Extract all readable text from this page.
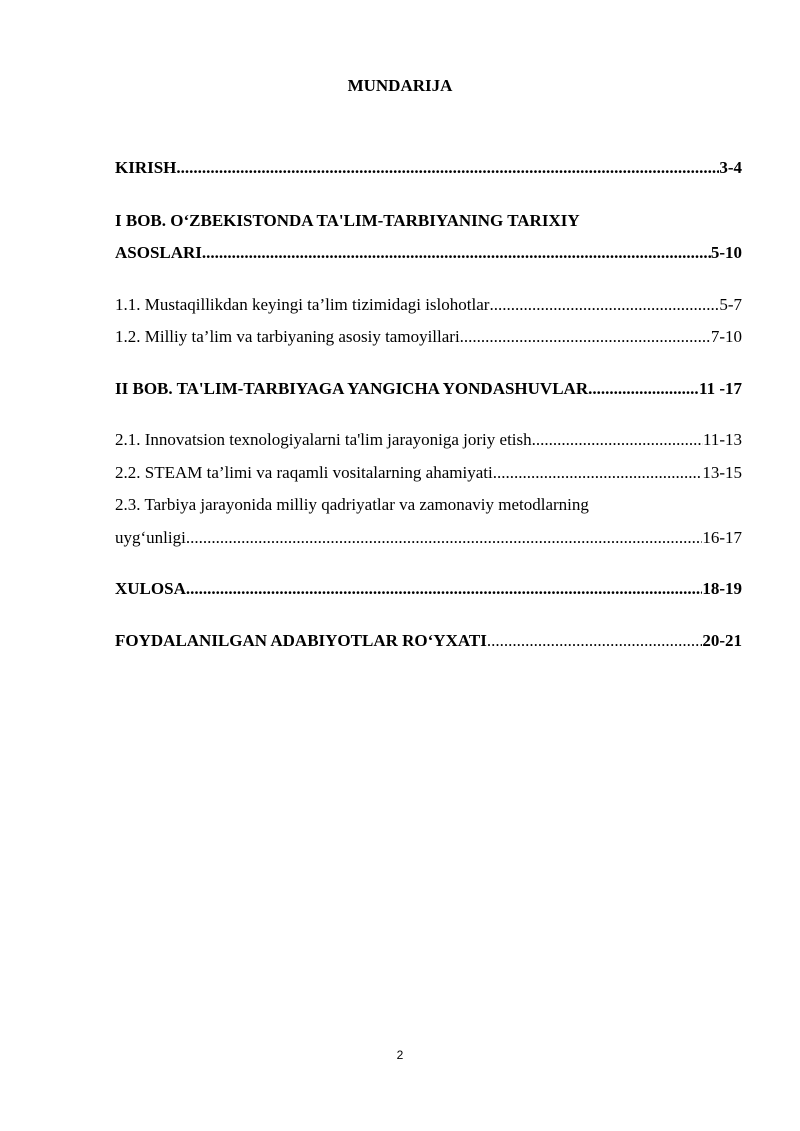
MUNDARIJA
KIRISH .....	3-4
I BOB. O‘ZBEKISTONDA TA'LIM-TARBIYANING TARIXIY
ASOSLARI .....	5-10
1.1. Mustaqillikdan keyingi ta’lim tizimidagi islohotlar .....	5-7
1.2. Milliy ta’lim va tarbiyaning asosiy tamoyillari .....	7-10
II BOB. TA'LIM-TARBIYAGA YANGICHA YONDASHUVLAR .....	11 -17
2.1. Innovatsion texnologiyalarni ta'lim jarayoniga joriy etish .....	11-13
2.2. STEAM ta’limi va raqamli vositalarning ahamiyati .....	13-15
2.3. Tarbiya jarayonida milliy qadriyatlar va zamonaviy metodlarning
uyg‘unligi .....	16-17
XULOSA .....	18-19
FOYDALANILGAN ADABIYOTLAR RO‘YXATI .....	20-21
2
